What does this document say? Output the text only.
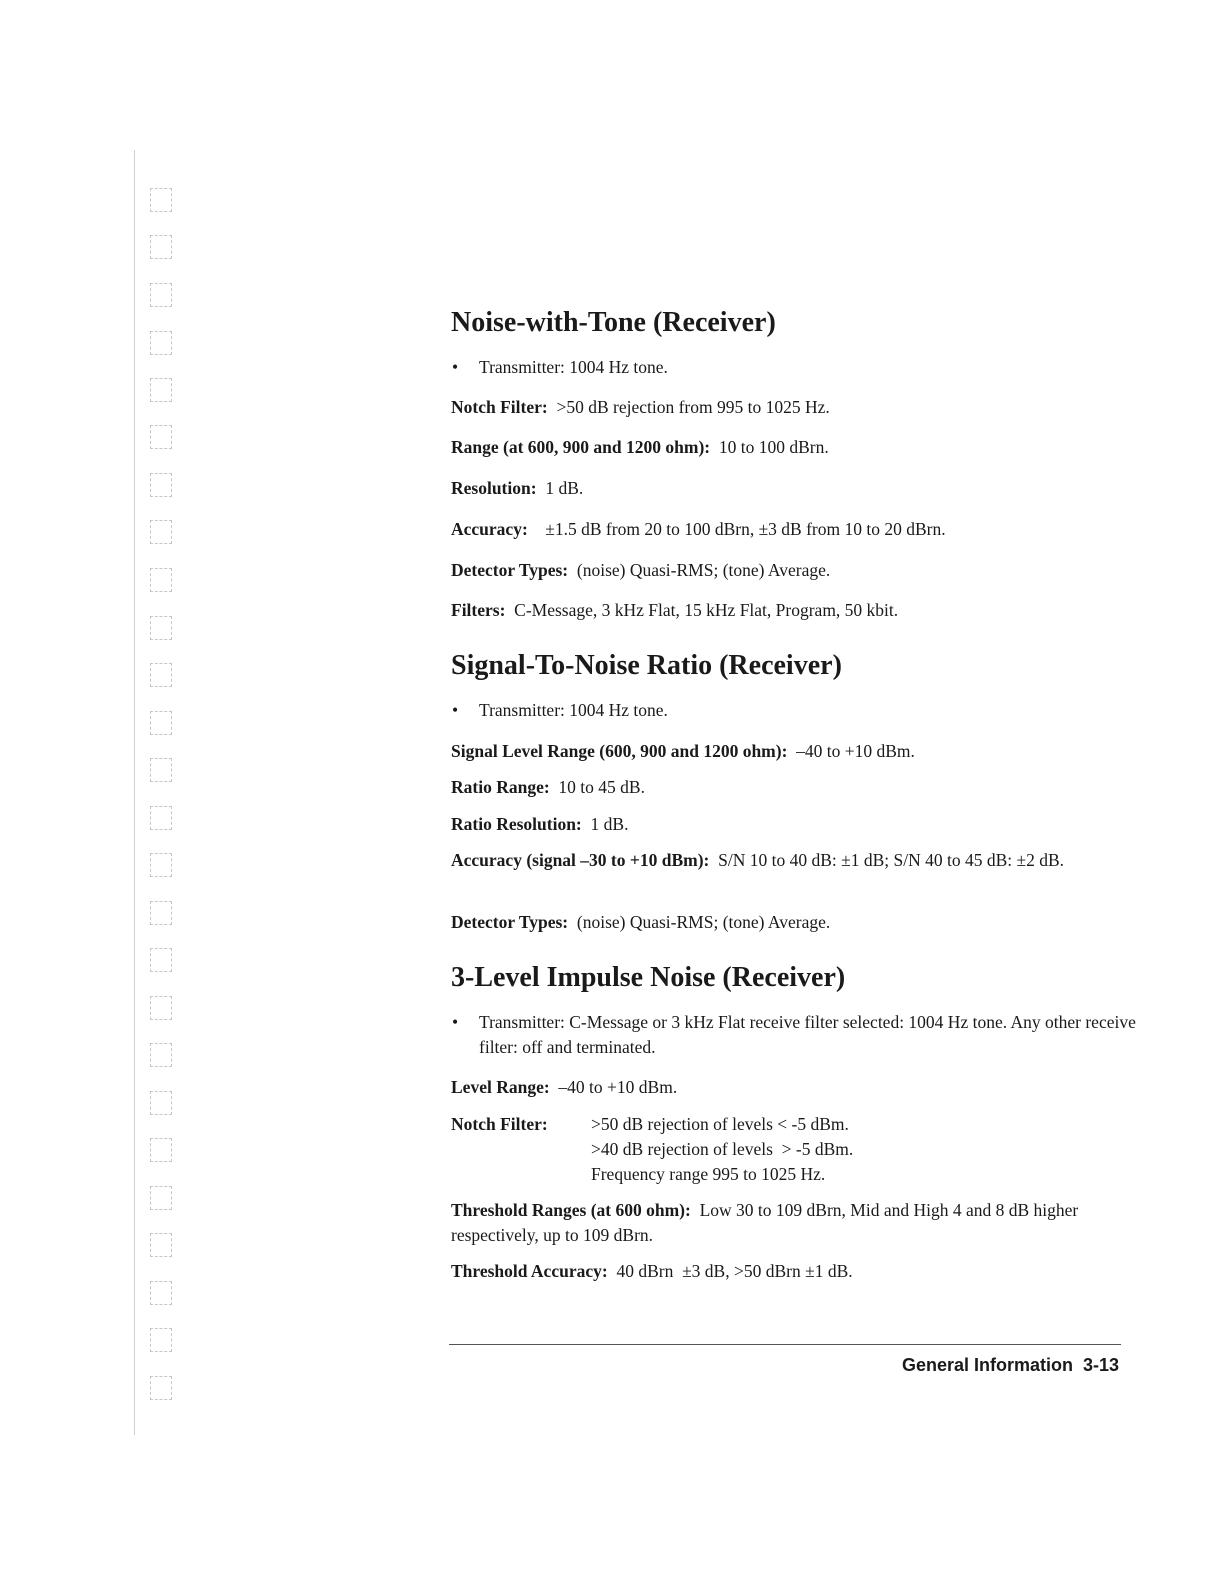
Noise-with-Tone (Receiver)

• Transmitter: 1004 Hz tone.

Notch Filter: >50 dB rejection from 995 to 1025 Hz.

Range (at 600, 900 and 1200 ohm): 10 to 100 dBrn.

Resolution: 1 dB.

Accuracy: ±1.5 dB from 20 to 100 dBrn, ±3 dB from 10 to 20 dBrn.

Detector Types: (noise) Quasi-RMS; (tone) Average.

Filters: C-Message, 3 kHz Flat, 15 kHz Flat, Program, 50 kbit.

Signal-To-Noise Ratio (Receiver)

• Transmitter: 1004 Hz tone.

Signal Level Range (600, 900 and 1200 ohm): –40 to +10 dBm.

Ratio Range: 10 to 45 dB.

Ratio Resolution: 1 dB.

Accuracy (signal –30 to +10 dBm): S/N 10 to 40 dB: ±1 dB; S/N 40 to 45 dB: ±2 dB.

Detector Types: (noise) Quasi-RMS; (tone) Average.

3-Level Impulse Noise (Receiver)

• Transmitter: C-Message or 3 kHz Flat receive filter selected: 1004 Hz tone. Any other receive filter: off and terminated.

Level Range: –40 to +10 dBm.

Notch Filter: >50 dB rejection of levels < -5 dBm.
>40 dB rejection of levels  > -5 dBm.
Frequency range 995 to 1025 Hz.

Threshold Ranges (at 600 ohm): Low 30 to 109 dBrn, Mid and High 4 and 8 dB higher respectively, up to 109 dBrn.

Threshold Accuracy: 40 dBrn  ±3 dB, >50 dBrn ±1 dB.

General Information 3-13
